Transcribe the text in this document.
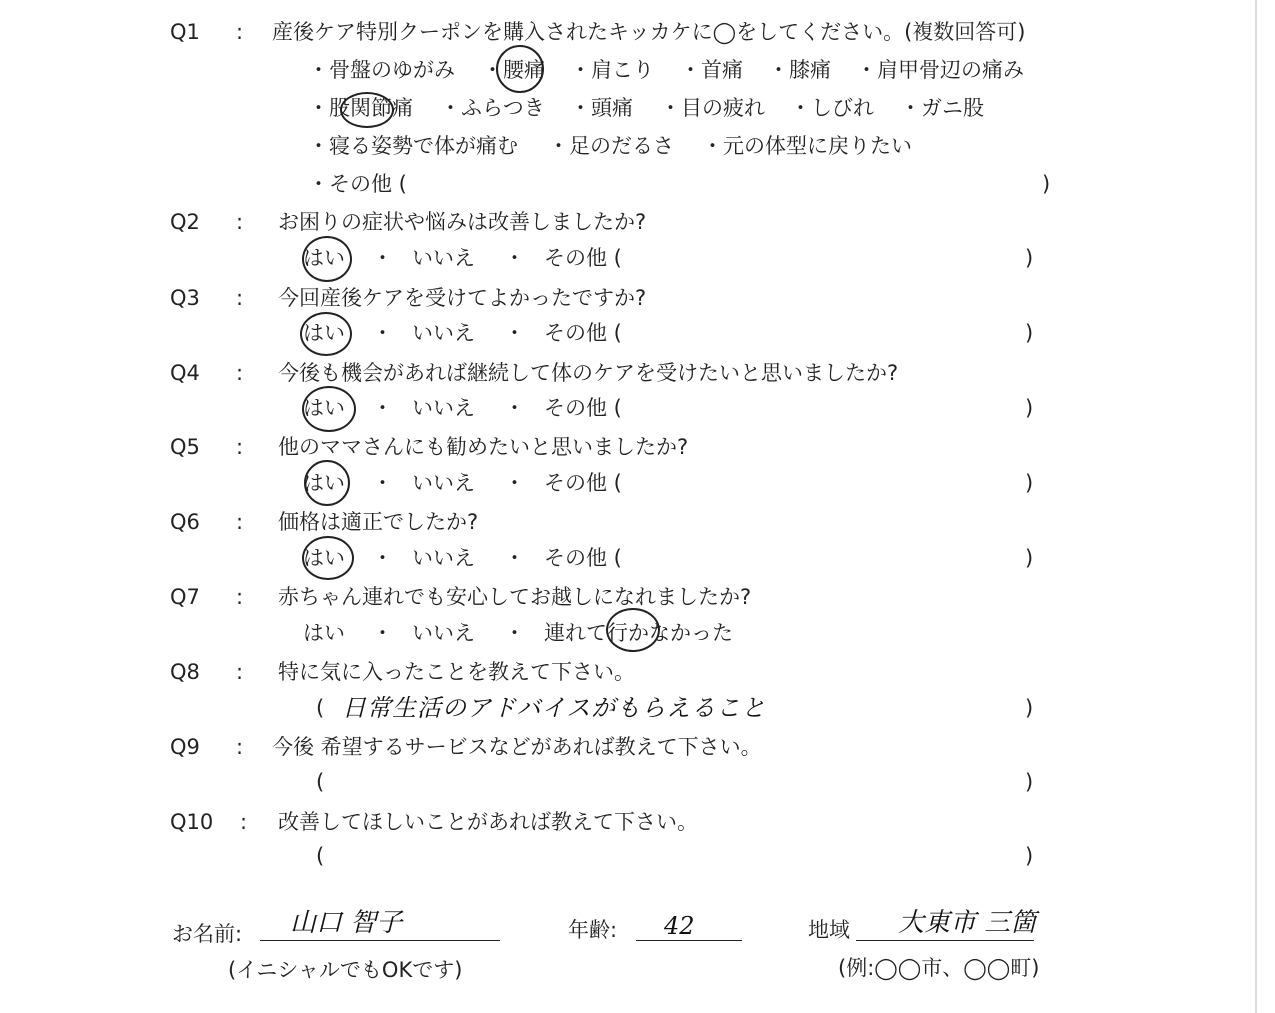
Q1 : 産後ケア特別クーポンを購入されたキッカケに◯をしてください。(複数回答可)
・骨盤のゆがみ ・腰痛 ・肩こり ・首痛 ・膝痛 ・肩甲骨辺の痛み
・股関節痛 ・ふらつき ・頭痛 ・目の疲れ ・しびれ ・ガニ股
・寝る姿勢で体が痛む ・足のだるさ ・元の体型に戻りたい
・その他 (	)
Q2 : お困りの症状や悩みは改善しましたか?
はい ・ いいえ ・ その他 (	)
Q3 : 今回産後ケアを受けてよかったですか?
はい ・ いいえ ・ その他 (	)
Q4 : 今後も機会があれば継続して体のケアを受けたいと思いましたか?
はい ・ いいえ ・ その他 (	)
Q5 : 他のママさんにも勧めたいと思いましたか?
はい ・ いいえ ・ その他 (	)
Q6 : 価格は適正でしたか?
はい ・ いいえ ・ その他 (	)
Q7 : 赤ちゃん連れでも安心してお越しになれましたか?
はい ・ いいえ ・ 連れて行かなかった
Q8 : 特に気に入ったことを教えて下さい。
( 日常生活のアドバイスがもらえること	)
Q9 : 今後 希望するサービスなどがあれば教えて下さい。
(	)
Q10 : 改善してほしいことがあれば教えて下さい。
(	)
お名前: 山口 智子
(イニシャルでもOKです)
年齢: 42	地域 大東市 三箇
(例:◯◯市、◯◯町)
